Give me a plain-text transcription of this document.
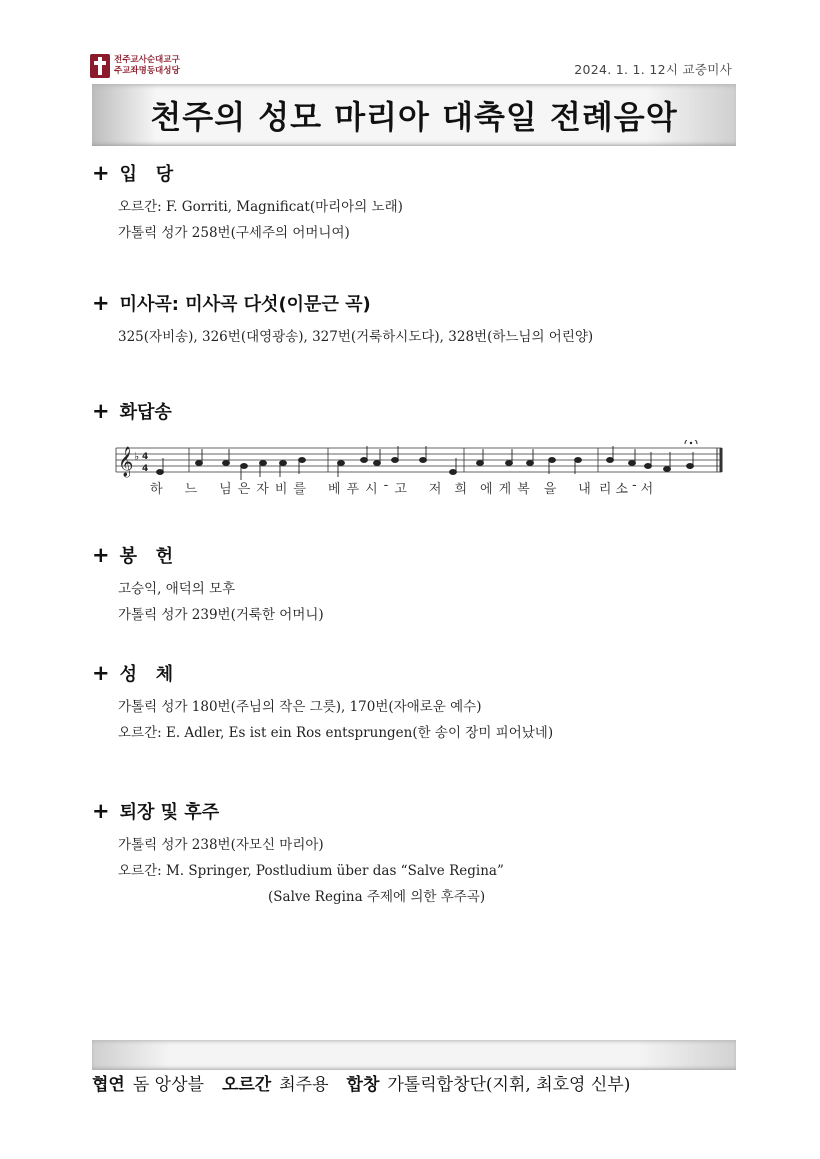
전주교사순대교구
주교좌명동대성당	2024. 1. 1. 12시 교중미사
천주의 성모 마리아 대축일 전례음악
+ 입   당
오르간: F. Gorriti, Magnificat(마리아의 노래)
가톨릭 성가 258번(구세주의 어머니여)
+ 미사곡: 미사곡 다섯(이문근 곡)
325(자비송), 326번(대영광송), 327번(거룩하시도다), 328번(하느님의 어린양)
+ 화답송
𝄞 ♭ 4
4
하 느 님 은 자 비 를 베 푸 시 - 고 저 희 에 게 복 을 내 리 소 - 서
+ 봉   헌
고승익, 애덕의 모후
가톨릭 성가 239번(거룩한 어머니)
+ 성   체
가톨릭 성가 180번(주님의 작은 그릇), 170번(자애로운 예수)
오르간: E. Adler, Es ist ein Ros entsprungen(한 송이 장미 피어났네)
+ 퇴장 및 후주
가톨릭 성가 238번(자모신 마리아)
오르간: M. Springer, Postludium über das “Salve Regina”
(Salve Regina 주제에 의한 후주곡)
협연 돔 앙상블 오르간 최주용 합창 가톨릭합창단(지휘, 최호영 신부)
